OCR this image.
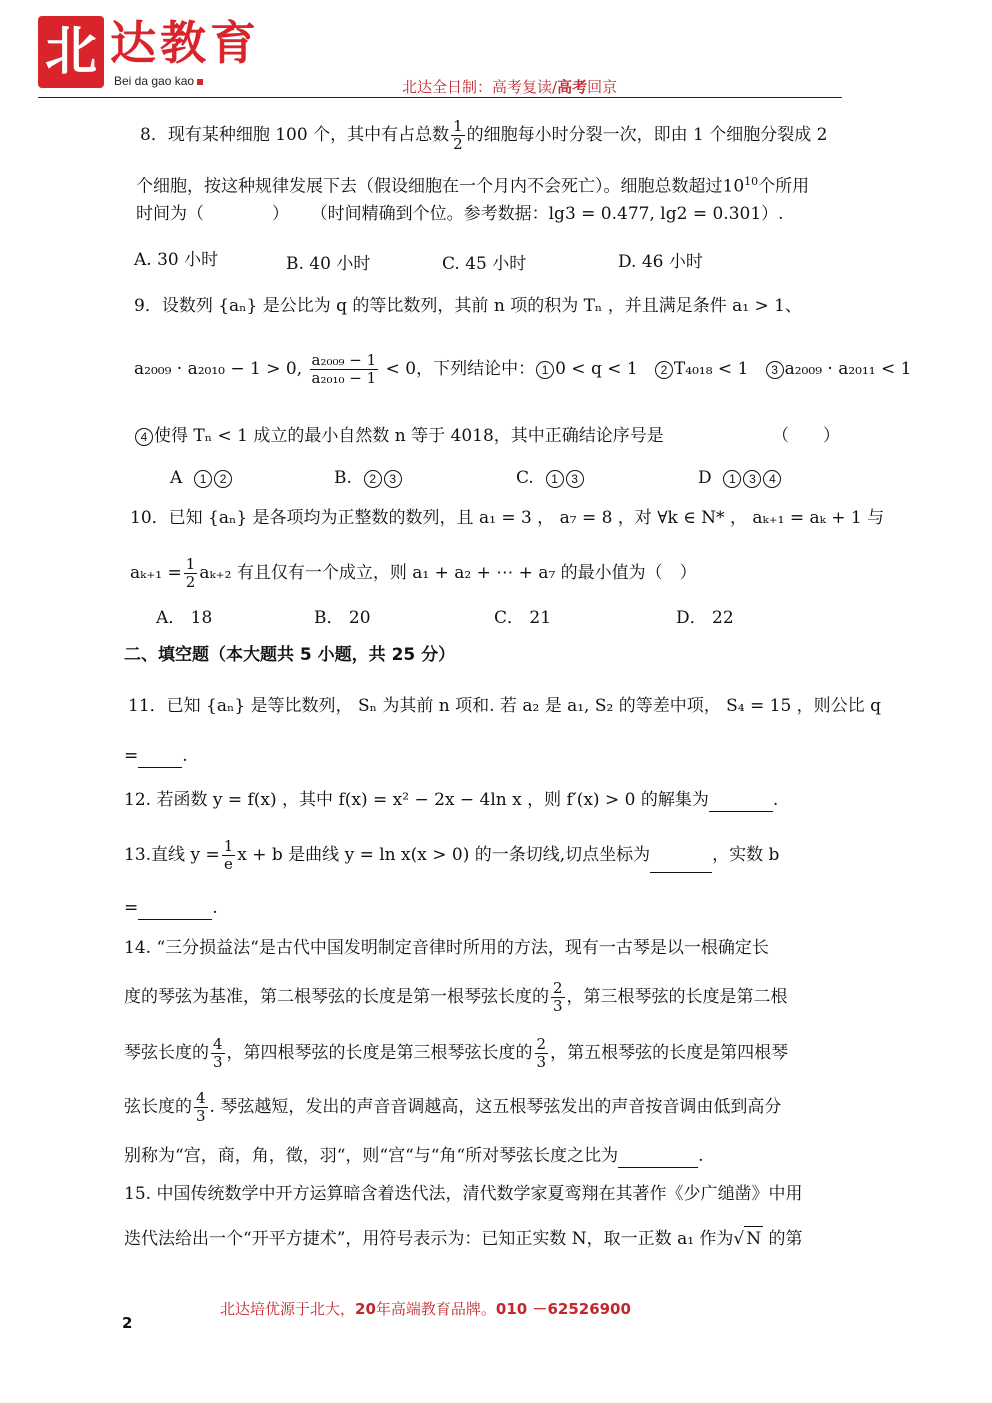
北 达教育
Bei da gao kao	北达全日制：高考复读/高考回京
8．现有某种细胞 100 个，其中有占总数 $\frac{1}{2}$ 的细胞每小时分裂一次，即由 1 个细胞分裂成 2
个细胞，按这种规律发展下去（假设细胞在一个月内不会死亡）。细胞总数超过$10^{10}$个所用
时间为（　　　　） （时间精确到个位。参考数据：lg3 = 0.477, lg2 = 0.301）.
A. 30 小时	B. 40 小时	C. 45 小时	D. 46 小时
9．设数列 {aₙ} 是公比为 q 的等比数列，其前 n 项的积为 Tₙ ，并且满足条件 a₁ > 1、
a₂₀₀₉ · a₂₀₁₀ − 1 > 0, $\frac{\text{a₂₀₀₉ − 1}}{\text{a₂₀₁₀ − 1}} < 0$，下列结论中： 1 0 < q < 1 2 T₄₀₁₈ < 1 3 a₂₀₀₉ · a₂₀₁₁ < 1
4 使得 Tₙ < 1 成立的最小自然数 n 等于 4018，其中正确结论序号是	（　　）
A 1 2	B. 2 3	C. 1 3	D 1 3 4
10．已知 {aₙ} 是各项均为正整数的数列，且 a₁ = 3 ， a₇ = 8 ，对 ∀k ∈ N* ， aₖ₊₁ = aₖ + 1 与
$a_{k+1} = \frac{1}{2} a_{k+2}$ 有且仅有一个成立，则 a₁ + a₂ + ⋯ + a₇ 的最小值为（　）
A． 18	B． 20	C． 21	D． 22
二、填空题（本大题共 5 小题，共 25 分）
11．已知 {aₙ} 是等比数列， Sₙ 为其前 n 项和. 若 a₂ 是 a₁, S₂ 的等差中项， S₄ = 15 ，则公比 q
=	.
12. 若函数 y = f(x) ，其中 f(x) = x² − 2x − 4ln x ，则 f′(x) > 0 的解集为	.
13.直线 $y = \frac{1}{e}$ x + b 是曲线 y = ln x(x > 0) 的一条切线,切点坐标为	，实数 b
=	.
14. “三分损益法“是古代中国发明制定音律时所用的方法，现有一古琴是以一根确定长
度的琴弦为基准，第二根琴弦的长度是第一根琴弦长度的 $\frac{2}{3}$ ，第三根琴弦的长度是第二根
琴弦长度的 $\frac{4}{3}$ ，第四根琴弦的长度是第三根琴弦长度的 $\frac{2}{3}$ ，第五根琴弦的长度是第四根琴
弦长度的 $\frac{4}{3}$ . 琴弦越短，发出的声音音调越高，这五根琴弦发出的声音按音调由低到高分
别称为“宫，商，角，徵，羽“，则“宫“与“角“所对琴弦长度之比为	.
15. 中国传统数学中开方运算暗含着迭代法，清代数学家夏鸾翔在其著作《少广缒凿》中用
迭代法给出一个“开平方捷术”，用符号表示为：已知正实数 N，取一正数 a₁ 作为√ N 的第
北达培优源于北大，20年高端教育品牌。010 －62526900
2
